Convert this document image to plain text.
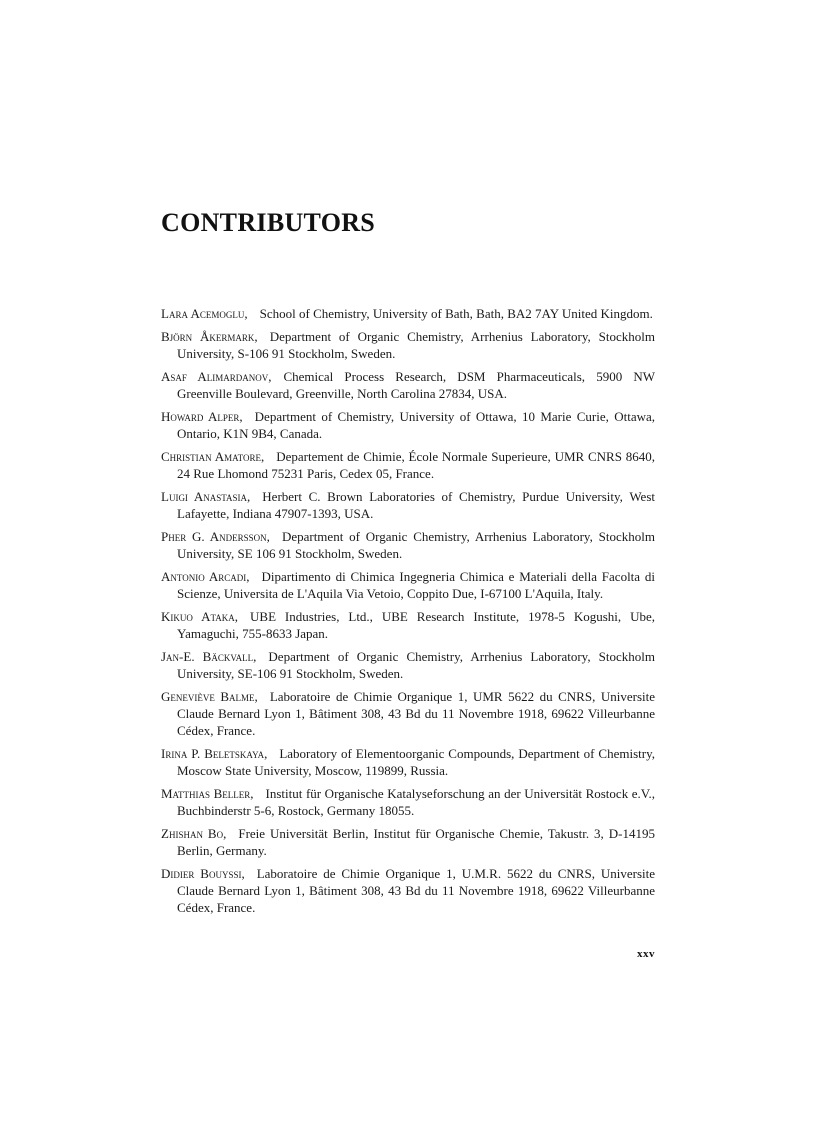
CONTRIBUTORS
Lara Acemoglu, School of Chemistry, University of Bath, Bath, BA2 7AY United Kingdom.
Björn Åkermark, Department of Organic Chemistry, Arrhenius Laboratory, Stockholm University, S-106 91 Stockholm, Sweden.
Asaf Alimardanov, Chemical Process Research, DSM Pharmaceuticals, 5900 NW Greenville Boulevard, Greenville, North Carolina 27834, USA.
Howard Alper, Department of Chemistry, University of Ottawa, 10 Marie Curie, Ottawa, Ontario, K1N 9B4, Canada.
Christian Amatore, Departement de Chimie, École Normale Superieure, UMR CNRS 8640, 24 Rue Lhomond 75231 Paris, Cedex 05, France.
Luigi Anastasia, Herbert C. Brown Laboratories of Chemistry, Purdue University, West Lafayette, Indiana 47907-1393, USA.
Pher G. Andersson, Department of Organic Chemistry, Arrhenius Laboratory, Stockholm University, SE 106 91 Stockholm, Sweden.
Antonio Arcadi, Dipartimento di Chimica Ingegneria Chimica e Materiali della Facolta di Scienze, Universita de L'Aquila Via Vetoio, Coppito Due, I-67100 L'Aquila, Italy.
Kikuo Ataka, UBE Industries, Ltd., UBE Research Institute, 1978-5 Kogushi, Ube, Yamaguchi, 755-8633 Japan.
Jan-E. Bäckvall, Department of Organic Chemistry, Arrhenius Laboratory, Stockholm University, SE-106 91 Stockholm, Sweden.
Geneviève Balme, Laboratoire de Chimie Organique 1, UMR 5622 du CNRS, Universite Claude Bernard Lyon 1, Bâtiment 308, 43 Bd du 11 Novembre 1918, 69622 Villeurbanne Cédex, France.
Irina P. Beletskaya, Laboratory of Elementoorganic Compounds, Department of Chemistry, Moscow State University, Moscow, 119899, Russia.
Matthias Beller, Institut für Organische Katalyseforschung an der Universität Rostock e.V., Buchbinderstr 5-6, Rostock, Germany 18055.
Zhishan Bo, Freie Universität Berlin, Institut für Organische Chemie, Takustr. 3, D-14195 Berlin, Germany.
Didier Bouyssi, Laboratoire de Chimie Organique 1, U.M.R. 5622 du CNRS, Universite Claude Bernard Lyon 1, Bâtiment 308, 43 Bd du 11 Novembre 1918, 69622 Villeurbanne Cédex, France.

xxv
